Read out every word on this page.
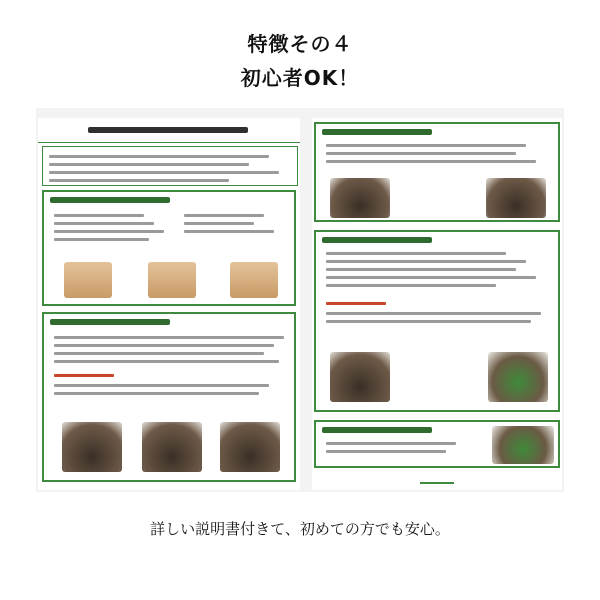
特徴その４
初心者OK！
詳しい説明書付きて、初めての方でも安心。
